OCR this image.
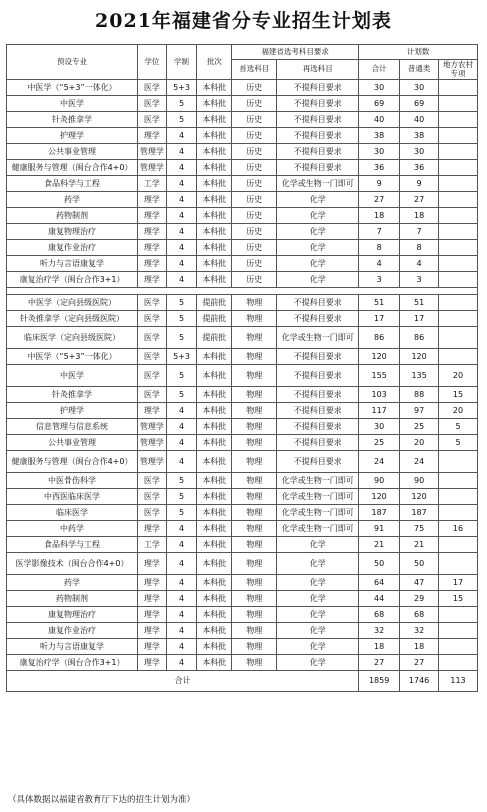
2021年福建省分专业招生计划表
预设专业	学位	学制	批次	福建省选考科目要求		计划数		
				首选科目	再选科目	合计	普通类	地方农村专项
中医学（“5+3”一体化）	医学	5+3	本科批	历史	不提科目要求	30	30	
中医学	医学	5	本科批	历史	不提科目要求	69	69	
针灸推拿学	医学	5	本科批	历史	不提科目要求	40	40	
护理学	理学	4	本科批	历史	不提科目要求	38	38	
公共事业管理	管理学	4	本科批	历史	不提科目要求	30	30	
健康服务与管理（闽台合作4+0）	管理学	4	本科批	历史	不提科目要求	36	36	
食品科学与工程	工学	4	本科批	历史	化学或生物一门即可	9	9	
药学	理学	4	本科批	历史	化学	27	27	
药物制剂	理学	4	本科批	历史	化学	18	18	
康复物理治疗	理学	4	本科批	历史	化学	7	7	
康复作业治疗	理学	4	本科批	历史	化学	8	8	
听力与言语康复学	理学	4	本科批	历史	化学	4	4	
康复治疗学（闽台合作3+1）	理学	4	本科批	历史	化学	3	3	

中医学（定向县级医院）	医学	5	提前批	物理	不提科目要求	51	51	
针灸推拿学（定向县级医院）	医学	5	提前批	物理	不提科目要求	17	17	
临床医学（定向县级医院）	医学	5	提前批	物理	化学或生物一门即可	86	86	
中医学（“5+3”一体化）	医学	5+3	本科批	物理	不提科目要求	120	120	
中医学	医学	5	本科批	物理	不提科目要求	155	135	20
针灸推拿学	医学	5	本科批	物理	不提科目要求	103	88	15
护理学	理学	4	本科批	物理	不提科目要求	117	97	20
信息管理与信息系统	管理学	4	本科批	物理	不提科目要求	30	25	5
公共事业管理	管理学	4	本科批	物理	不提科目要求	25	20	5
健康服务与管理（闽台合作4+0）	管理学	4	本科批	物理	不提科目要求	24	24	
中医骨伤科学	医学	5	本科批	物理	化学或生物一门即可	90	90	
中西医临床医学	医学	5	本科批	物理	化学或生物一门即可	120	120	
临床医学	医学	5	本科批	物理	化学或生物一门即可	187	187	
中药学	理学	4	本科批	物理	化学或生物一门即可	91	75	16
食品科学与工程	工学	4	本科批	物理	化学	21	21	
医学影像技术（闽台合作4+0）	理学	4	本科批	物理	化学	50	50	
药学	理学	4	本科批	物理	化学	64	47	17
药物制剂	理学	4	本科批	物理	化学	44	29	15
康复物理治疗	理学	4	本科批	物理	化学	68	68	
康复作业治疗	理学	4	本科批	物理	化学	32	32	
听力与言语康复学	理学	4	本科批	物理	化学	18	18	
康复治疗学（闽台合作3+1）	理学	4	本科批	物理	化学	27	27	
合计						1859	1746	113
（具体数据以福建省教育厅下达的招生计划为准）
